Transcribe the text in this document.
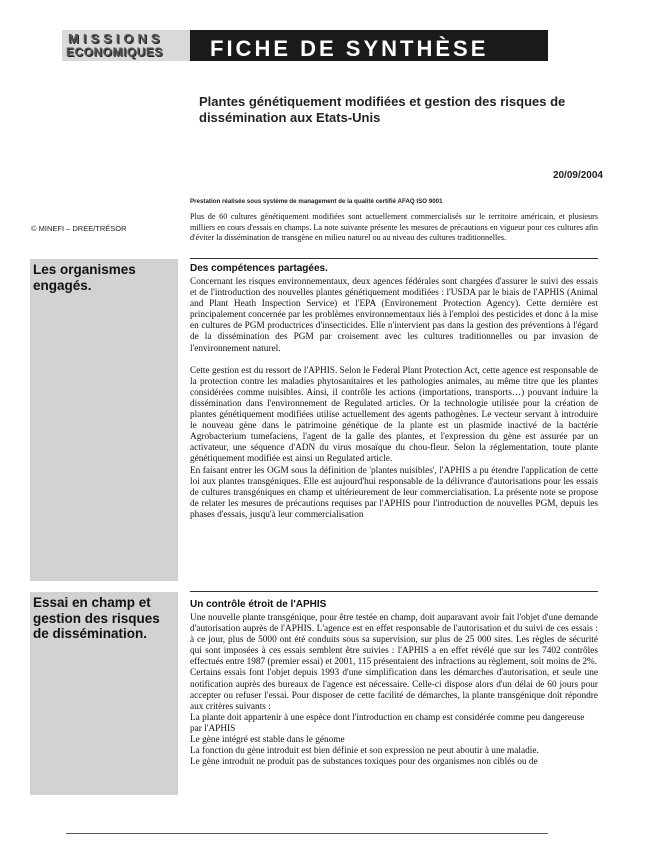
MISSIONS
ECONOMIQUES	FICHE DE SYNTHÈSE
Plantes génétiquement modifiées et gestion des risques de dissémination aux Etats-Unis
20/09/2004
Prestation réalisée sous système de management de la qualité certifié AFAQ ISO 9001
© MINEFI – DREE/TRÉSOR
Plus de 60 cultures génétiquement modifiées sont actuellement commercialisés sur le territoire américain, et plusieurs milliers en cours d'essais en champs. La note suivante présente les mesures de précautions en vigueur pour ces cultures afin d'éviter la dissémination de transgène en milieu naturel ou au niveau des cultures traditionnelles.
Les organismes engagés.
Des compétences partagées.

Concernant les risques environnementaux, deux agences fédérales sont chargées d'assurer le suivi des essais et de l'introduction des nouvelles plantes génétiquement modifiées : l'USDA par le biais de l'APHIS (Animal and Plant Heath Inspection Service) et l'EPA (Environement Protection Agency). Cette dernière est principalement concernée par les problèmes environnementaux liés à l'emploi des pesticides et donc à la mise en cultures de PGM productrices d'insecticides. Elle n'intervient pas dans la gestion des préventions à l'égard de la dissémination des PGM par croisement avec les cultures traditionnelles ou par invasion de l'environnement naturel.

Cette gestion est du ressort de l'APHIS. Selon le Federal Plant Protection Act, cette agence est responsable de la protection contre les maladies phytosanitaires et les pathologies animales, au même titre que les plantes considérées comme nuisibles. Ainsi, il contrôle les actions (importations, transports…) pouvant induire la dissémination dans l'environnement de Regulated articles. Or la technologie utilisée pour la création de plantes génétiquement modifiées utilise actuellement des agents pathogènes. Le vecteur servant à introduire le nouveau gène dans le patrimoine génétique de la plante est un plasmide inactivé de la bactérie Agrobacterium tumefaciens, l'agent de la galle des plantes, et l'expression du gène est assurée par un activateur, une séquence d'ADN du virus mosaïque du chou-fleur. Selon la réglementation, toute plante génétiquement modifiée est ainsi un Regulated article.

En faisant entrer les OGM sous la définition de 'plantes nuisibles', l'APHIS a pu étendre l'application de cette loi aux plantes transgéniques. Elle est aujourd'hui responsable de la délivrance d'autorisations pour les essais de cultures transgéniques en champ et ultérieurement de leur commercialisation. La présente note se propose de relater les mesures de précautions requises par l'APHIS pour l'introduction de nouvelles PGM, depuis les phases d'essais, jusqu'à leur commercialisation

Essai en champ et gestion des risques de dissémination.
Un contrôle étroit de l'APHIS

Une nouvelle plante transgénique, pour être testée en champ, doit auparavant avoir fait l'objet d'une demande d'autorisation auprès de l'APHIS. L'agence est en effet responsable de l'autorisation et du suivi de ces essais : à ce jour, plus de 5000 ont été conduits sous sa supervision, sur plus de 25 000 sites. Les règles de sécurité qui sont imposées à ces essais semblent être suivies : l'APHIS a en effet révélé que sur les 7402 contrôles effectués entre 1987 (premier essai) et 2001, 115 présentaient des infractions au règlement, soit moins de 2%.

Certains essais font l'objet depuis 1993 d'une simplification dans les démarches d'autorisation, et seule une notification auprès des bureaux de l'agence est nécessaire. Celle-ci dispose alors d'un délai de 60 jours pour accepter ou refuser l'essai. Pour disposer de cette facilité de démarches, la plante transgénique doit répondre aux critères suivants :

La plante doit appartenir à une espèce dont l'introduction en champ est considérée comme peu dangereuse par l'APHIS

Le gène intégré est stable dans le génome

La fonction du gène introduit est bien définie et son expression ne peut aboutir à une maladie.

Le gène introduit ne produit pas de substances toxiques pour des organismes non ciblés ou de
